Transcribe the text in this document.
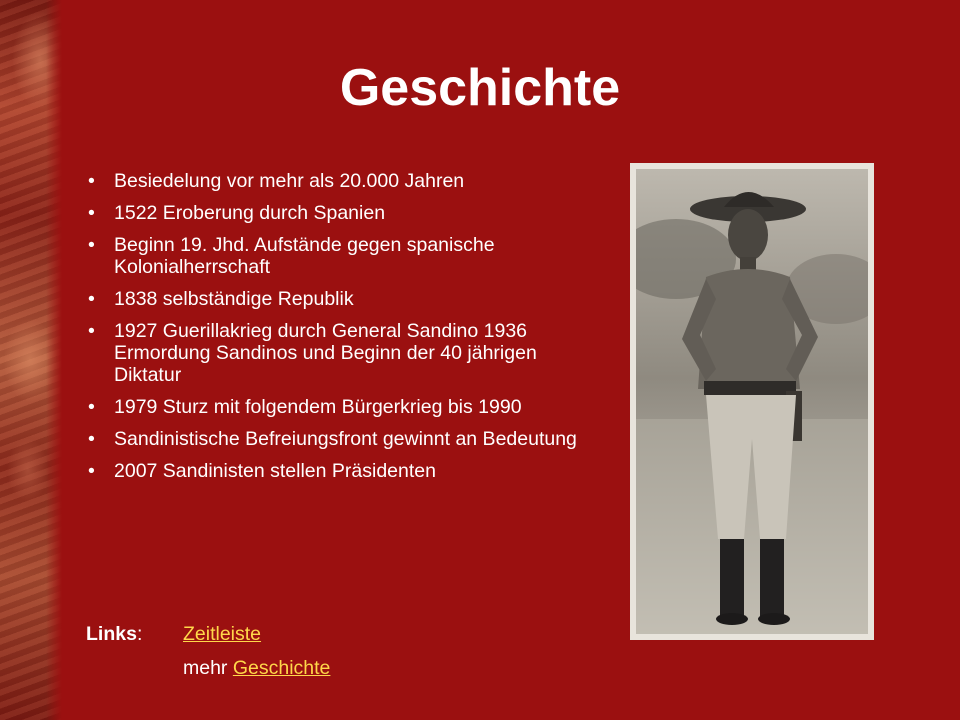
Geschichte
• Besiedelung vor mehr als 20.000 Jahren
• 1522 Eroberung durch Spanien
• Beginn 19. Jhd. Aufstände gegen spanische Kolonialherrschaft
• 1838 selbständige Republik
• 1927 Guerillakrieg durch General Sandino 1936 Ermordung Sandinos und Beginn der 40 jährigen Diktatur
• 1979 Sturz mit folgendem Bürgerkrieg bis 1990
• Sandinistische Befreiungsfront gewinnt an Bedeutung
• 2007 Sandinisten stellen Präsidenten
Links:	Zeitleiste
mehr Geschichte
